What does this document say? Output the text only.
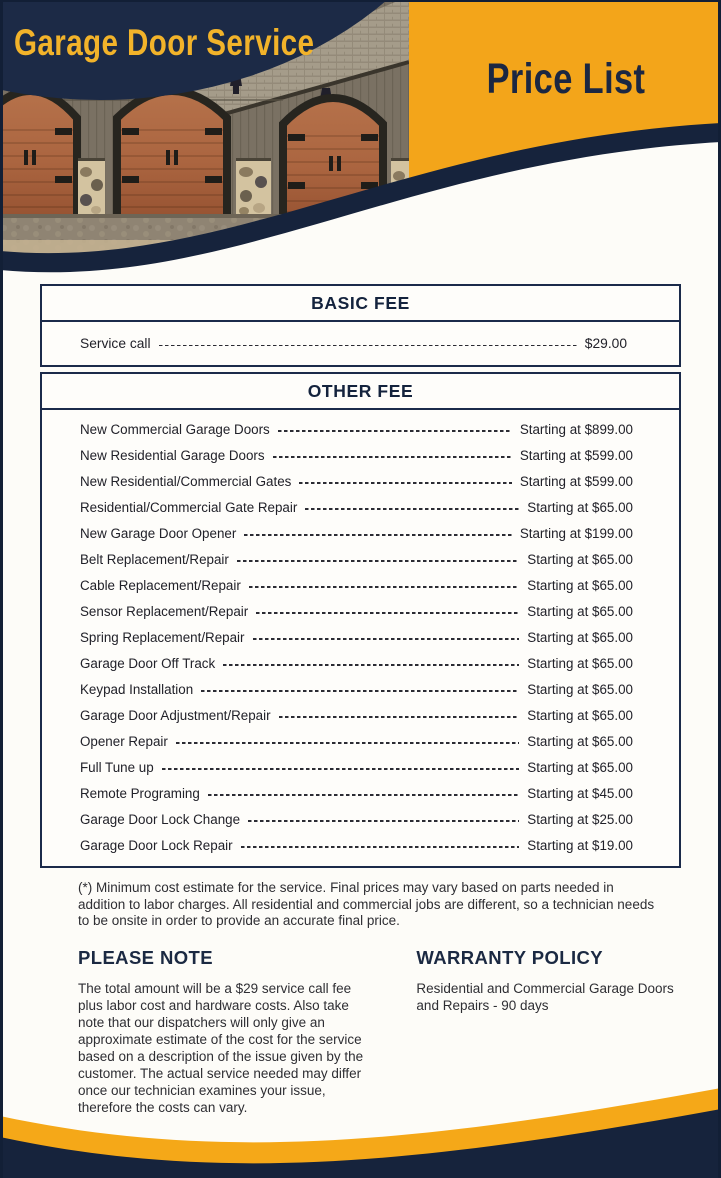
Garage Door Service
Price List
BASIC FEE
Service call	$29.00
OTHER FEE
New Commercial Garage Doors	Starting at $899.00
New Residential Garage Doors	Starting at $599.00
New Residential/Commercial Gates	Starting at $599.00
Residential/Commercial Gate Repair	Starting at $65.00
New Garage Door Opener	Starting at $199.00
Belt Replacement/Repair	Starting at $65.00
Cable Replacement/Repair	Starting at $65.00
Sensor Replacement/Repair	Starting at $65.00
Spring Replacement/Repair	Starting at $65.00
Garage Door Off Track	Starting at $65.00
Keypad Installation	Starting at $65.00
Garage Door Adjustment/Repair	Starting at $65.00
Opener Repair	Starting at $65.00
Full Tune up	Starting at $65.00
Remote Programing	Starting at $45.00
Garage Door Lock Change	Starting at $25.00
Garage Door Lock Repair	Starting at $19.00

(*) Minimum cost estimate for the service. Final prices may vary based on parts needed in addition to labor charges. All residential and commercial jobs are different, so a technician needs to be onsite in order to provide an accurate final price.

PLEASE NOTE

The total amount will be a $29 service call fee plus labor cost and hardware costs. Also take note that our dispatchers will only give an approximate estimate of the cost for the service based on a description of the issue given by the customer. The actual service needed may differ once our technician examines your issue, therefore the costs can vary.

WARRANTY POLICY

Residential and Commercial Garage Doors and Repairs - 90 days
